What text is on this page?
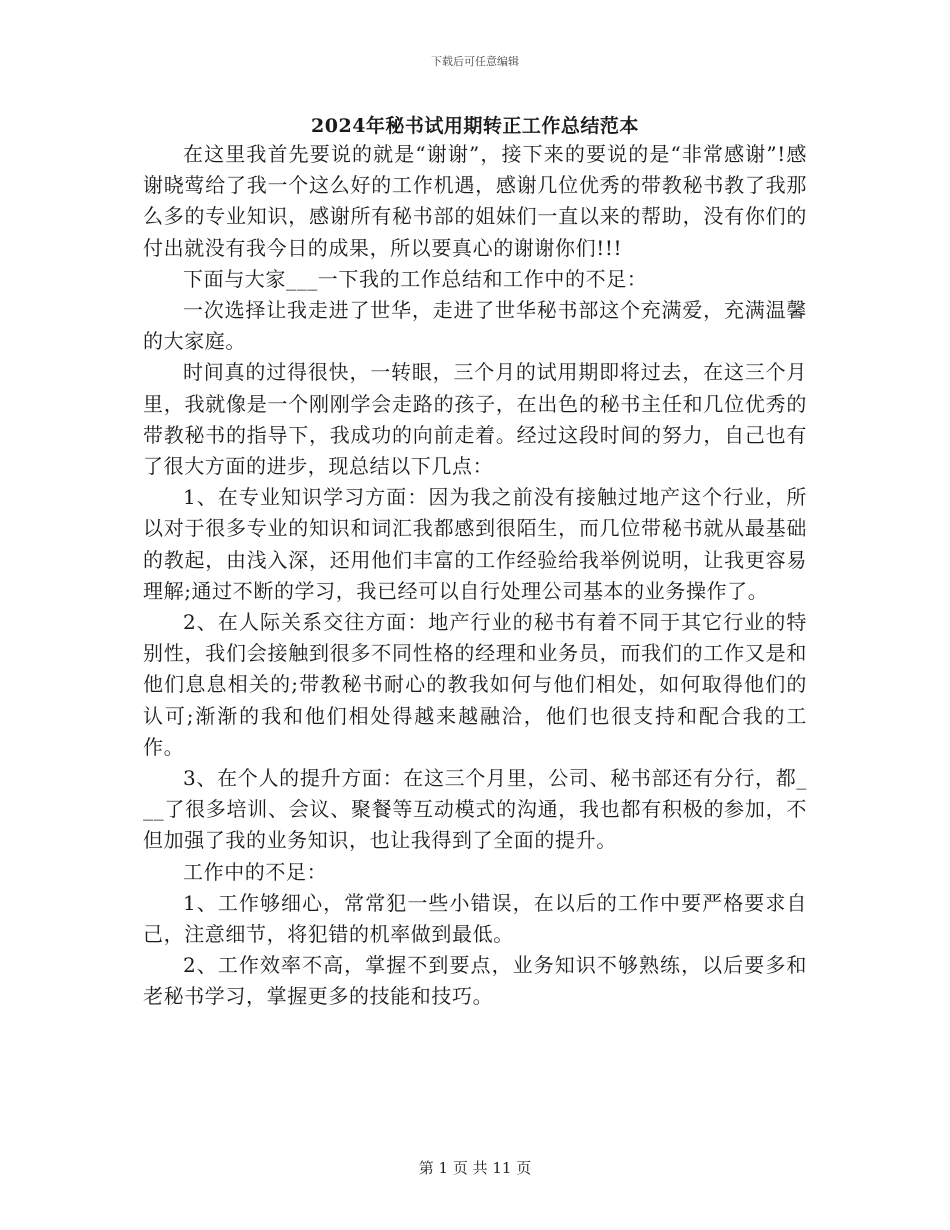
下载后可任意编辑
2024年秘书试用期转正工作总结范本

在这里我首先要说的就是“谢谢”，接下来的要说的是“非常感谢”!感谢晓莺给了我一个这么好的工作机遇，感谢几位优秀的带教秘书教了我那么多的专业知识，感谢所有秘书部的姐妹们一直以来的帮助，没有你们的付出就没有我今日的成果，所以要真心的谢谢你们!!!

下面与大家___一下我的工作总结和工作中的不足：

一次选择让我走进了世华，走进了世华秘书部这个充满爱，充满温馨的大家庭。

时间真的过得很快，一转眼，三个月的试用期即将过去，在这三个月里，我就像是一个刚刚学会走路的孩子，在出色的秘书主任和几位优秀的带教秘书的指导下，我成功的向前走着。经过这段时间的努力，自己也有了很大方面的进步，现总结以下几点：

1、在专业知识学习方面：因为我之前没有接触过地产这个行业，所以对于很多专业的知识和词汇我都感到很陌生，而几位带秘书就从最基础的教起，由浅入深，还用他们丰富的工作经验给我举例说明，让我更容易理解;通过不断的学习，我已经可以自行处理公司基本的业务操作了。

2、在人际关系交往方面：地产行业的秘书有着不同于其它行业的特别性，我们会接触到很多不同性格的经理和业务员，而我们的工作又是和他们息息相关的;带教秘书耐心的教我如何与他们相处，如何取得他们的认可;渐渐的我和他们相处得越来越融洽，他们也很支持和配合我的工作。

3、在个人的提升方面：在这三个月里，公司、秘书部还有分行，都___了很多培训、会议、聚餐等互动模式的沟通，我也都有积极的参加，不但加强了我的业务知识，也让我得到了全面的提升。

工作中的不足：

1、工作够细心，常常犯一些小错误，在以后的工作中要严格要求自己，注意细节，将犯错的机率做到最低。

2、工作效率不高，掌握不到要点，业务知识不够熟练，以后要多和老秘书学习，掌握更多的技能和技巧。

第 1 页 共 11 页
